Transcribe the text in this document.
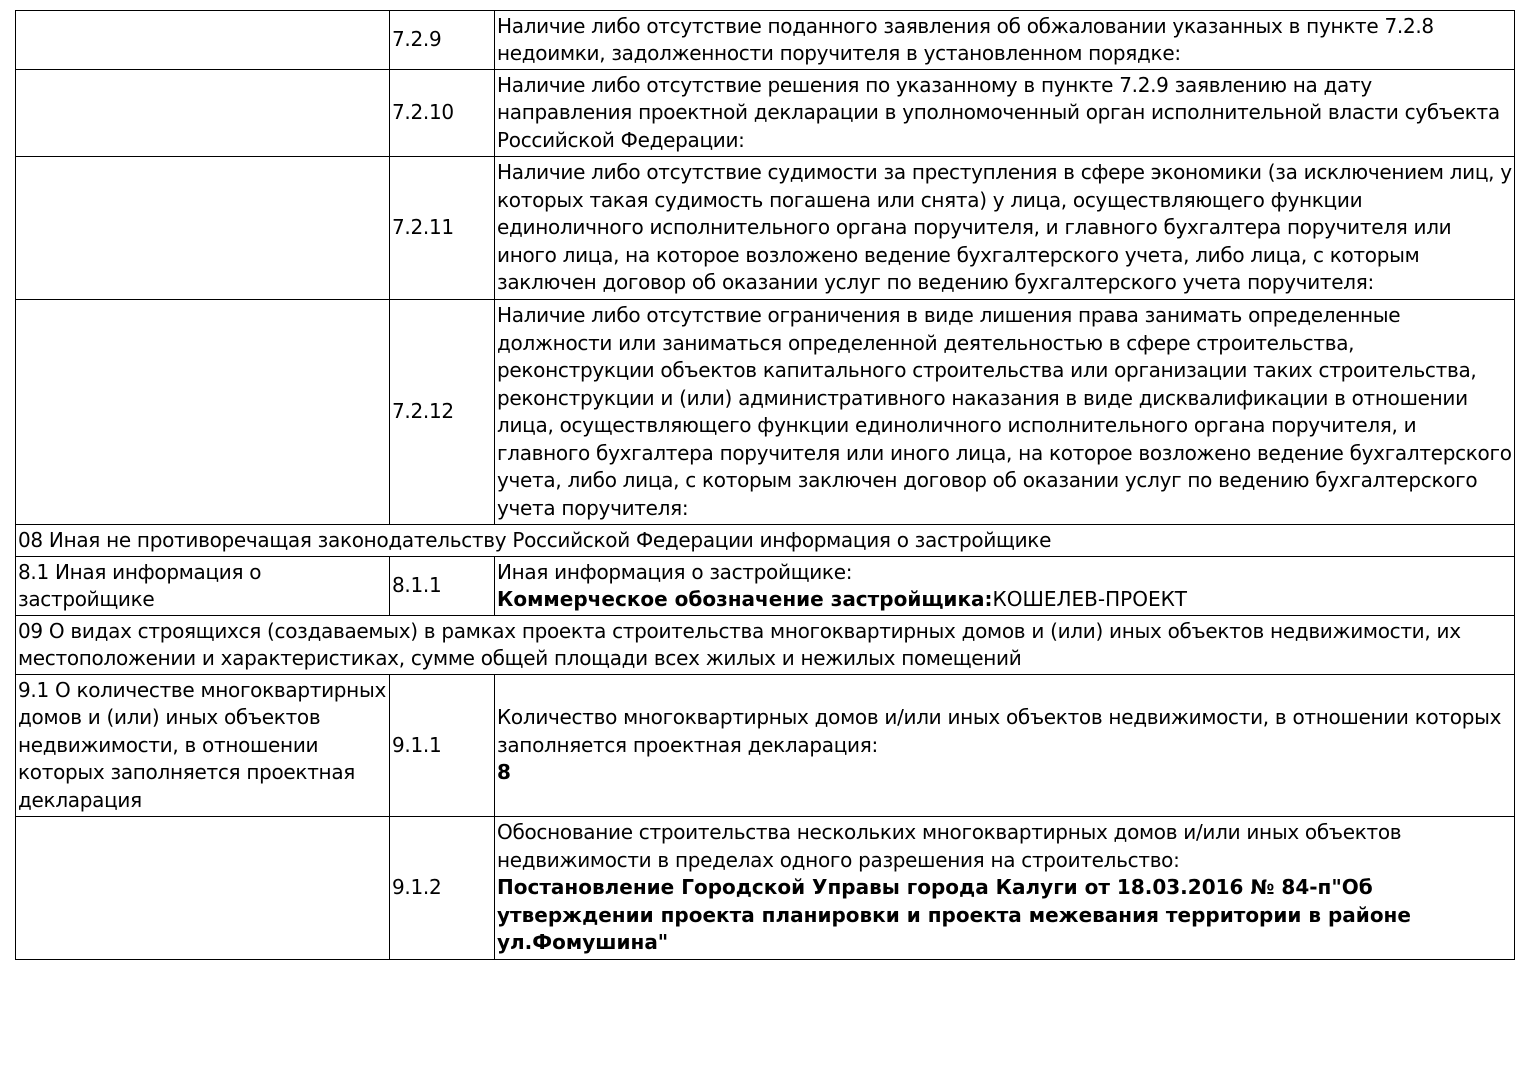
	7.2.9	Наличие либо отсутствие поданного заявления об обжаловании указанных в пункте 7.2.8 недоимки, задолженности поручителя в установленном порядке:
	7.2.10	Наличие либо отсутствие решения по указанному в пункте 7.2.9 заявлению на дату направления проектной декларации в уполномоченный орган исполнительной власти субъекта Российской Федерации:
	7.2.11	Наличие либо отсутствие судимости за преступления в сфере экономики (за исключением лиц, у которых такая судимость погашена или снята) у лица, осуществляющего функции единоличного исполнительного органа поручителя, и главного бухгалтера поручителя или иного лица, на которое возложено ведение бухгалтерского учета, либо лица, с которым заключен договор об оказании услуг по ведению бухгалтерского учета поручителя:
	7.2.12	Наличие либо отсутствие ограничения в виде лишения права занимать определенные должности или заниматься определенной деятельностью в сфере строительства, реконструкции объектов капитального строительства или организации таких строительства, реконструкции и (или) административного наказания в виде дисквалификации в отношении лица, осуществляющего функции единоличного исполнительного органа поручителя, и главного бухгалтера поручителя или иного лица, на которое возложено ведение бухгалтерского учета, либо лица, с которым заключен договор об оказании услуг по ведению бухгалтерского учета поручителя:
08 Иная не противоречащая законодательству Российской Федерации информация о застройщике		
8.1 Иная информация о застройщике	8.1.1	Иная информация о застройщике:
Коммерческое обозначение застройщика:КОШЕЛЕВ-ПРОЕКТ

09 О видах строящихся (создаваемых) в рамках проекта строительства многоквартирных домов и (или) иных объектов недвижимости, их местоположении и характеристиках, сумме общей площади всех жилых и нежилых помещений		
9.1 О количестве многоквартирных домов и (или) иных объектов недвижимости, в отношении которых заполняется проектная декларация	9.1.1	Количество многоквартирных домов и/или иных объектов недвижимости, в отношении которых заполняется проектная декларация:
8

	9.1.2	Обоснование строительства нескольких многоквартирных домов и/или иных объектов недвижимости в пределах одного разрешения на строительство:
Постановление Городской Управы города Калуги от 18.03.2016 № 84-п"Об утверждении проекта планировки и проекта межевания территории в районе ул.Фомушина"
